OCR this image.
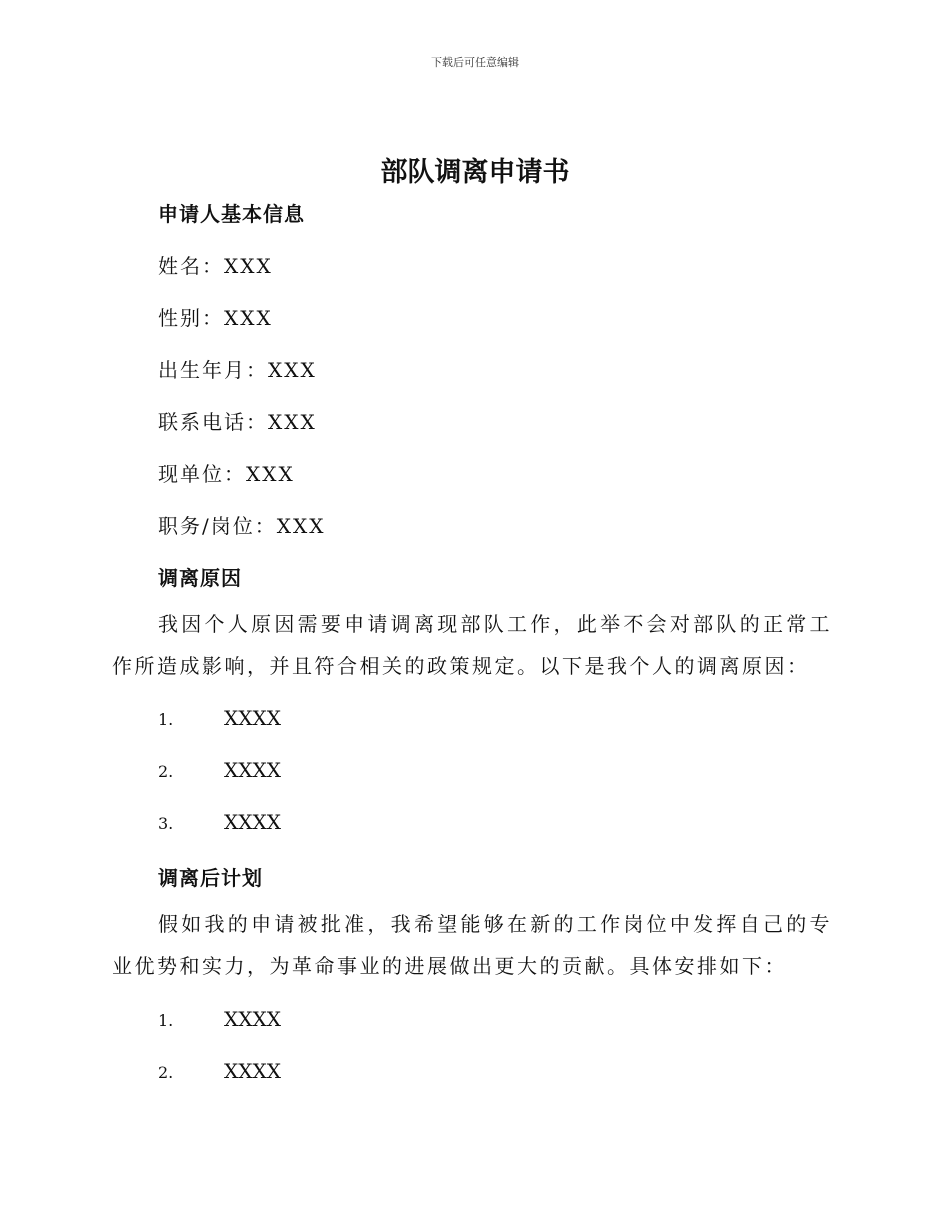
下载后可任意编辑
部队调离申请书
申请人基本信息
姓名：XXX
性别：XXX
出生年月：XXX
联系电话：XXX
现单位：XXX
职务/岗位：XXX
调离原因
我因个人原因需要申请调离现部队工作，此举不会对部队的正常工作所造成影响，并且符合相关的政策规定。以下是我个人的调离原因：
1.	XXXX
2.	XXXX
3.	XXXX
调离后计划
假如我的申请被批准，我希望能够在新的工作岗位中发挥自己的专业优势和实力，为革命事业的进展做出更大的贡献。具体安排如下：
1.	XXXX
2.	XXXX
